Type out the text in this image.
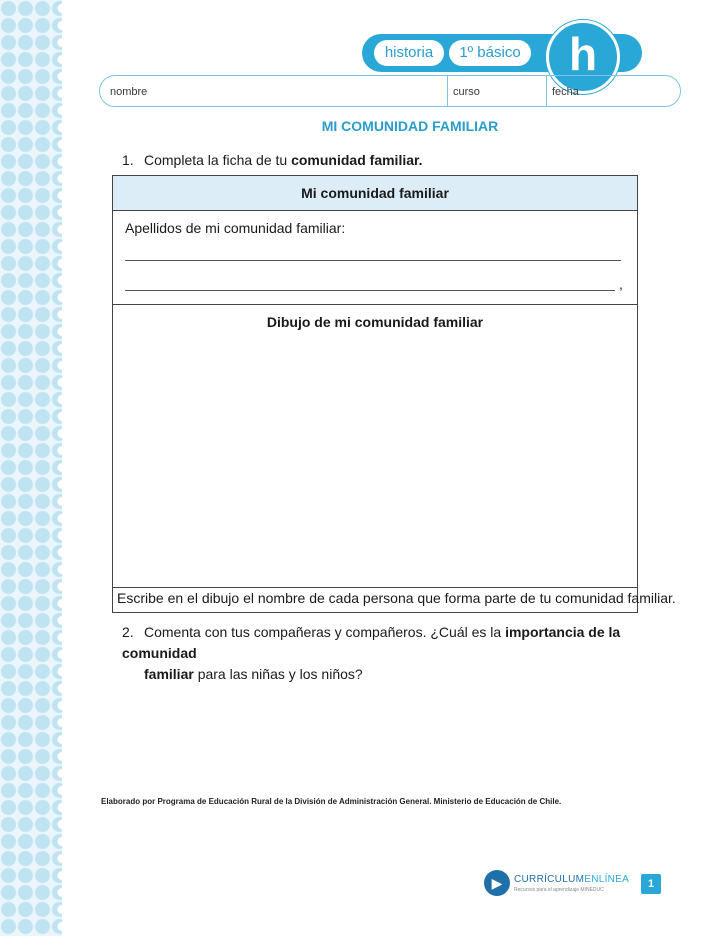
historia	1º básico	h
nombre	curso	fecha
MI COMUNIDAD FAMILIAR
1. Completa la ficha de tu comunidad familiar.
Mi comunidad familiar
Apellidos de mi comunidad familiar:
,
Dibujo de mi comunidad familiar
Escribe en el dibujo el nombre de cada persona que forma parte de tu comunidad familiar.
2. Comenta con tus compañeras y compañeros. ¿Cuál es la importancia de la comunidad
familiar para las niñas y los niños?
Elaborado por Programa de Educación Rural de la División de Administración General. Ministerio de Educación de Chile.
▶	CURRÍCULUMENLÍNEA
Recursos para el aprendizaje MINEDUC	1
